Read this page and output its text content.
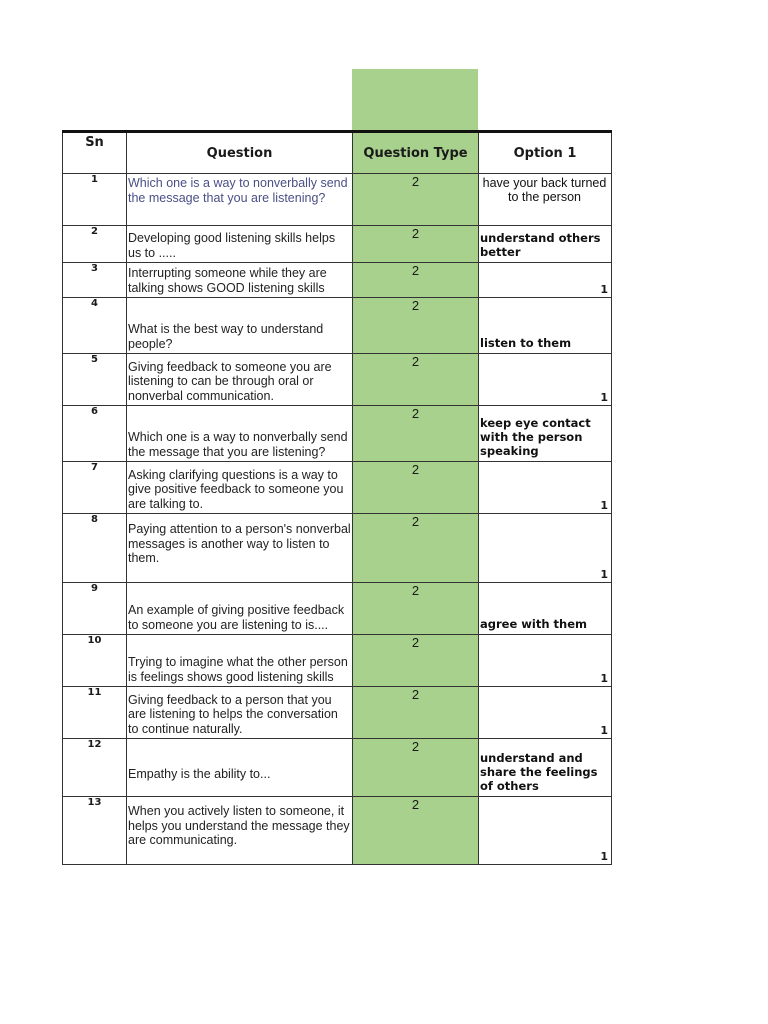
Sn	Question	Question Type	Option 1
1	Which one is a way to nonverbally send the message that you are listening?	2	have your back turned to the person

2	Developing good listening skills helps us to .....	2	understand others better

3	Interrupting someone while they are talking shows GOOD listening skills	2	1

4	What is the best way to understand people?	2	listen to them

5	Giving feedback to someone you are listening to can be through oral or nonverbal communication.	2	1

6	Which one is a way to nonverbally send the message that you are listening?	2	keep eye contact with the person speaking

7	Asking clarifying questions is a way to give positive feedback to someone you are talking to.	2	1

8	Paying attention to a person's nonverbal messages is another way to listen to them.	2	1

9	An example of giving positive feedback to someone you are listening to is....	2	agree with them

10	Trying to imagine what the other person is feelings shows good listening skills	2	1

11	Giving feedback to a person that you are listening to helps the conversation to continue naturally.	2	1

12	Empathy is the ability to...	2	understand and share the feelings of others

13	When you actively listen to someone, it helps you understand the message they are communicating.	2	1
